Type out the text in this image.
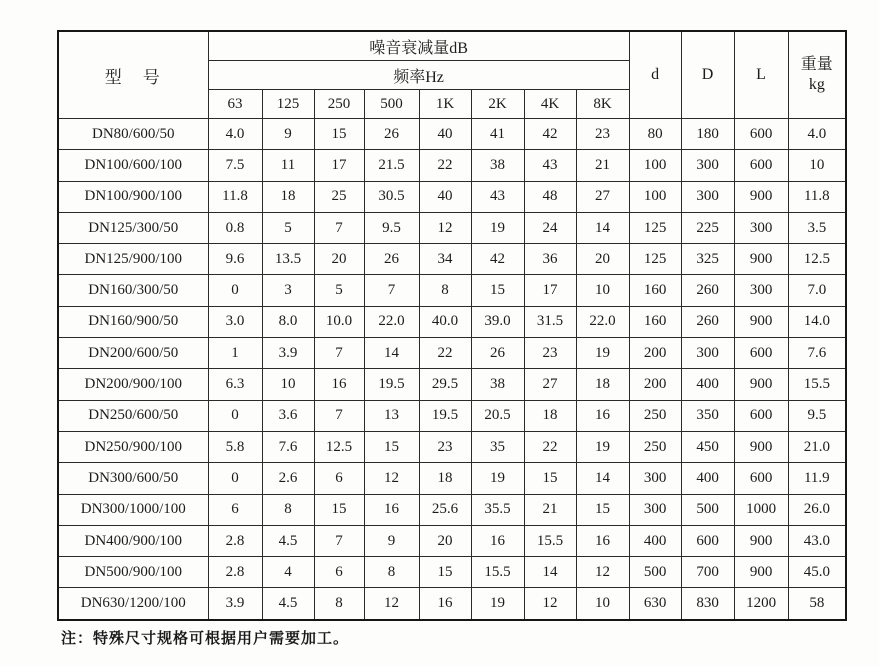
型　号	噪音衰减量dB								d	D	L	重量
kg

	频率Hz											
	63	125	250	500	1K	2K	4K	8K				
DN80/600/50	4.0	9	15	26	40	41	42	23	80	180	600	4.0
DN100/600/100	7.5	11	17	21.5	22	38	43	21	100	300	600	10
DN100/900/100	11.8	18	25	30.5	40	43	48	27	100	300	900	11.8
DN125/300/50	0.8	5	7	9.5	12	19	24	14	125	225	300	3.5
DN125/900/100	9.6	13.5	20	26	34	42	36	20	125	325	900	12.5
DN160/300/50	0	3	5	7	8	15	17	10	160	260	300	7.0
DN160/900/50	3.0	8.0	10.0	22.0	40.0	39.0	31.5	22.0	160	260	900	14.0
DN200/600/50	1	3.9	7	14	22	26	23	19	200	300	600	7.6
DN200/900/100	6.3	10	16	19.5	29.5	38	27	18	200	400	900	15.5
DN250/600/50	0	3.6	7	13	19.5	20.5	18	16	250	350	600	9.5
DN250/900/100	5.8	7.6	12.5	15	23	35	22	19	250	450	900	21.0
DN300/600/50	0	2.6	6	12	18	19	15	14	300	400	600	11.9
DN300/1000/100	6	8	15	16	25.6	35.5	21	15	300	500	1000	26.0
DN400/900/100	2.8	4.5	7	9	20	16	15.5	16	400	600	900	43.0
DN500/900/100	2.8	4	6	8	15	15.5	14	12	500	700	900	45.0
DN630/1200/100	3.9	4.5	8	12	16	19	12	10	630	830	1200	58
注：特殊尺寸规格可根据用户需要加工。
